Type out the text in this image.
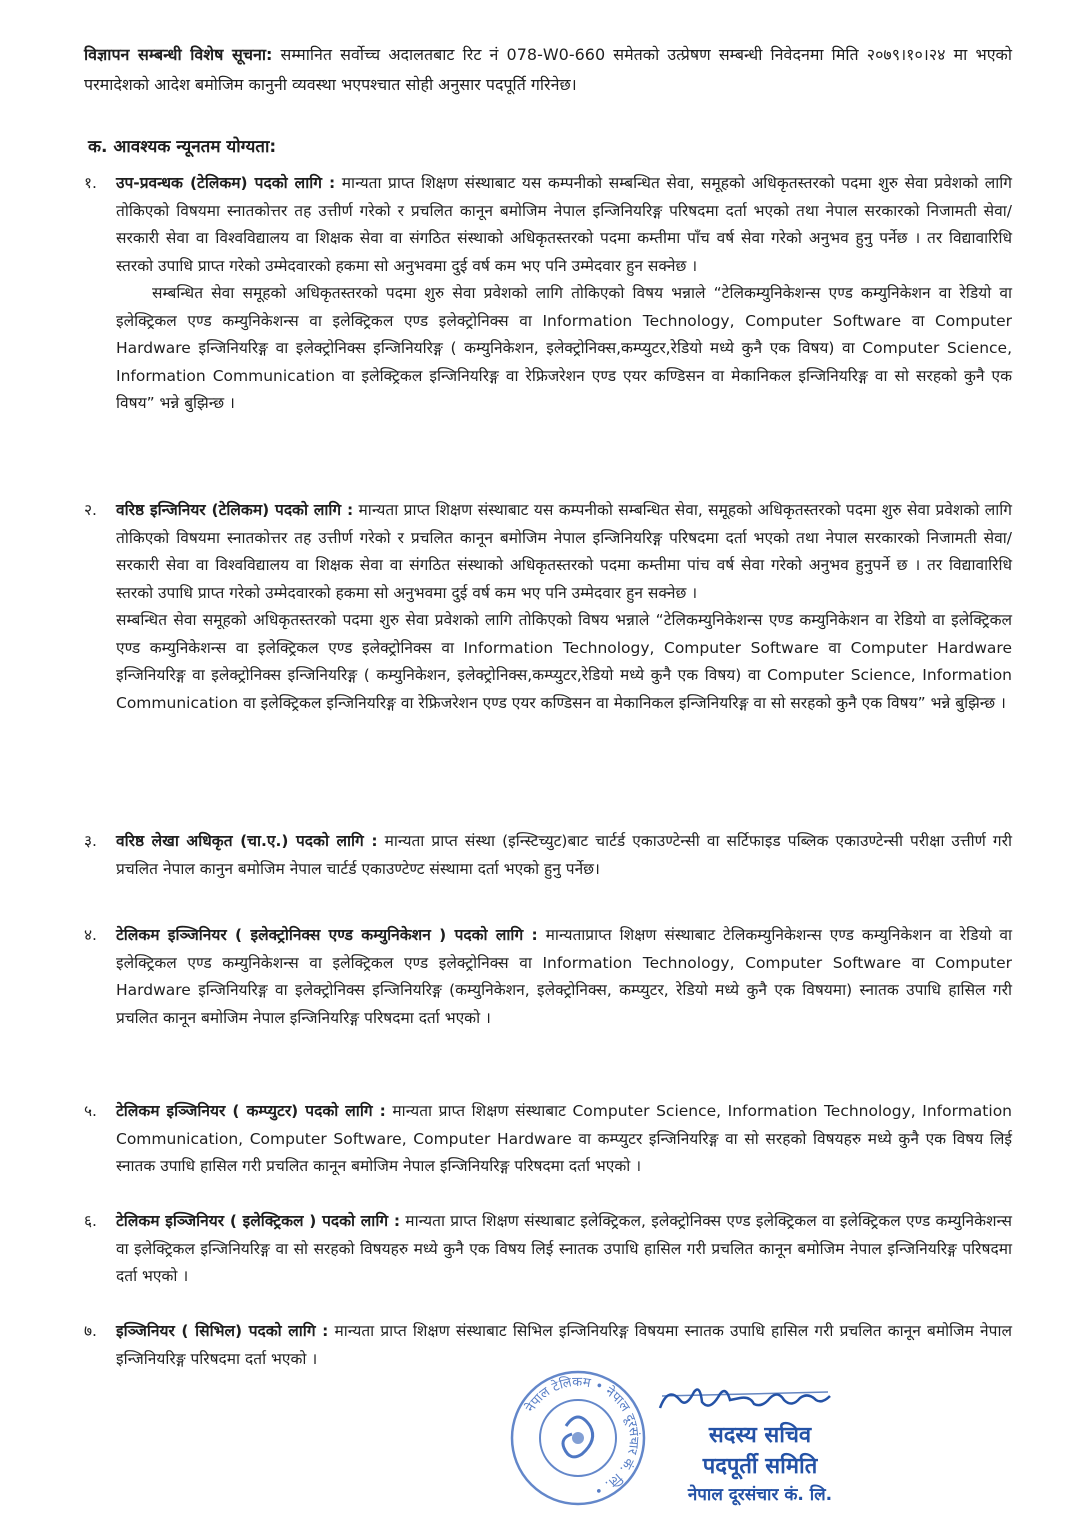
विज्ञापन सम्बन्धी विशेष सूचना: सम्मानित सर्वोच्च अदालतबाट रिट नं 078-W0-660 समेतको उत्प्रेषण सम्बन्धी निवेदनमा मिति २०७९।१०।२४ मा भएको परमादेशको आदेश बमोजिम कानुनी व्यवस्था भएपश्चात सोही अनुसार पदपूर्ति गरिनेछ।
क. आवश्यक न्यूनतम योग्यता:
१.	उप-प्रवन्धक (टेलिकम) पदको लागि : मान्यता प्राप्त शिक्षण संस्थाबाट यस कम्पनीको सम्बन्धित सेवा, समूहको अधिकृतस्तरको पदमा शुरु सेवा प्रवेशको लागि तोकिएको विषयमा स्नातकोत्तर तह उत्तीर्ण गरेको र प्रचलित कानून बमोजिम नेपाल इन्जिनियरिङ्ग परिषदमा दर्ता भएको तथा नेपाल सरकारको निजामती सेवा/सरकारी सेवा वा विश्वविद्यालय वा शिक्षक सेवा वा संगठित संस्थाको अधिकृतस्तरको पदमा कम्तीमा पाँच वर्ष सेवा गरेको अनुभव हुनु पर्नेछ । तर विद्यावारिधि स्तरको उपाधि प्राप्त गरेको उम्मेदवारको हकमा सो अनुभवमा दुई वर्ष कम भए पनि उम्मेदवार हुन सक्नेछ ।
सम्बन्धित सेवा समूहको अधिकृतस्तरको पदमा शुरु सेवा प्रवेशको लागि तोकिएको विषय भन्नाले “टेलिकम्युनिकेशन्स एण्ड कम्युनिकेशन वा रेडियो वा इलेक्ट्रिकल एण्ड कम्युनिकेशन्स वा इलेक्ट्रिकल एण्ड इलेक्ट्रोनिक्स वा Information Technology, Computer Software वा Computer Hardware इन्जिनियरिङ्ग वा इलेक्ट्रोनिक्स इन्जिनियरिङ्ग ( कम्युनिकेशन, इलेक्ट्रोनिक्स,कम्प्युटर,रेडियो मध्ये कुनै एक विषय) वा Computer Science, Information Communication वा इलेक्ट्रिकल इन्जिनियरिङ्ग वा रेफ्रिजरेशन एण्ड एयर कण्डिसन वा मेकानिकल इन्जिनियरिङ्ग वा सो सरहको कुनै एक विषय” भन्ने बुझिन्छ ।
२.	वरिष्ठ इन्जिनियर (टेलिकम) पदको लागि : मान्यता प्राप्त शिक्षण संस्थाबाट यस कम्पनीको सम्बन्धित सेवा, समूहको अधिकृतस्तरको पदमा शुरु सेवा प्रवेशको लागि तोकिएको विषयमा स्नातकोत्तर तह उत्तीर्ण गरेको र प्रचलित कानून बमोजिम नेपाल इन्जिनियरिङ्ग परिषदमा दर्ता भएको तथा नेपाल सरकारको निजामती सेवा/सरकारी सेवा वा विश्वविद्यालय वा शिक्षक सेवा वा संगठित संस्थाको अधिकृतस्तरको पदमा कम्तीमा पांच वर्ष सेवा गरेको अनुभव हुनुपर्ने छ । तर विद्यावारिधि स्तरको उपाधि प्राप्त गरेको उम्मेदवारको हकमा सो अनुभवमा दुई वर्ष कम भए पनि उम्मेदवार हुन सक्नेछ ।
सम्बन्धित सेवा समूहको अधिकृतस्तरको पदमा शुरु सेवा प्रवेशको लागि तोकिएको विषय भन्नाले “टेलिकम्युनिकेशन्स एण्ड कम्युनिकेशन वा रेडियो वा इलेक्ट्रिकल एण्ड कम्युनिकेशन्स वा इलेक्ट्रिकल एण्ड इलेक्ट्रोनिक्स वा Information Technology, Computer Software वा Computer Hardware इन्जिनियरिङ्ग वा इलेक्ट्रोनिक्स इन्जिनियरिङ्ग ( कम्युनिकेशन, इलेक्ट्रोनिक्स,कम्प्युटर,रेडियो मध्ये कुनै एक विषय) वा Computer Science, Information Communication वा इलेक्ट्रिकल इन्जिनियरिङ्ग वा रेफ्रिजरेशन एण्ड एयर कण्डिसन वा मेकानिकल इन्जिनियरिङ्ग वा सो सरहको कुनै एक विषय” भन्ने बुझिन्छ ।
३.	वरिष्ठ लेखा अधिकृत (चा.ए.) पदको लागि : मान्यता प्राप्त संस्था (इन्स्टिच्युट)बाट चार्टर्ड एकाउण्टेन्सी वा सर्टिफाइड पब्लिक एकाउण्टेन्सी परीक्षा उत्तीर्ण गरी प्रचलित नेपाल कानुन बमोजिम नेपाल चार्टर्ड एकाउण्टेण्ट संस्थामा दर्ता भएको हुनु पर्नेछ।
४.	टेलिकम इञ्जिनियर ( इलेक्ट्रोनिक्स एण्ड कम्युनिकेशन ) पदको लागि : मान्यताप्राप्त शिक्षण संस्थाबाट टेलिकम्युनिकेशन्स एण्ड कम्युनिकेशन वा रेडियो वा इलेक्ट्रिकल एण्ड कम्युनिकेशन्स वा इलेक्ट्रिकल एण्ड इलेक्ट्रोनिक्स वा Information Technology, Computer Software वा Computer Hardware इन्जिनियरिङ्ग वा इलेक्ट्रोनिक्स इन्जिनियरिङ्ग (कम्युनिकेशन, इलेक्ट्रोनिक्स, कम्प्युटर, रेडियो मध्ये कुनै एक विषयमा) स्नातक उपाधि हासिल गरी प्रचलित कानून बमोजिम नेपाल इन्जिनियरिङ्ग परिषदमा दर्ता भएको ।
५.	टेलिकम इञ्जिनियर ( कम्प्युटर) पदको लागि : मान्यता प्राप्त शिक्षण संस्थाबाट Computer Science, Information Technology, Information Communication, Computer Software, Computer Hardware वा कम्प्युटर इन्जिनियरिङ्ग वा सो सरहको विषयहरु मध्ये कुनै एक विषय लिई स्नातक उपाधि हासिल गरी प्रचलित कानून बमोजिम नेपाल इन्जिनियरिङ्ग परिषदमा दर्ता भएको ।
६.	टेलिकम इञ्जिनियर ( इलेक्ट्रिकल ) पदको लागि : मान्यता प्राप्त शिक्षण संस्थाबाट इलेक्ट्रिकल, इलेक्ट्रोनिक्स एण्ड इलेक्ट्रिकल वा इलेक्ट्रिकल एण्ड कम्युनिकेशन्स वा इलेक्ट्रिकल इन्जिनियरिङ्ग वा सो सरहको विषयहरु मध्ये कुनै एक विषय लिई स्नातक उपाधि हासिल गरी प्रचलित कानून बमोजिम नेपाल इन्जिनियरिङ्ग परिषदमा दर्ता भएको ।
७.	इञ्जिनियर ( सिभिल) पदको लागि : मान्यता प्राप्त शिक्षण संस्थाबाट सिभिल इन्जिनियरिङ्ग विषयमा स्नातक उपाधि हासिल गरी प्रचलित कानून बमोजिम नेपाल इन्जिनियरिङ्ग परिषदमा दर्ता भएको ।
नेपाल टेलिकम • नेपाल दूरसंचार कं. लि. •
सदस्य सचिव
पदपूर्ती समिति
नेपाल दूरसंचार कं. लि.
